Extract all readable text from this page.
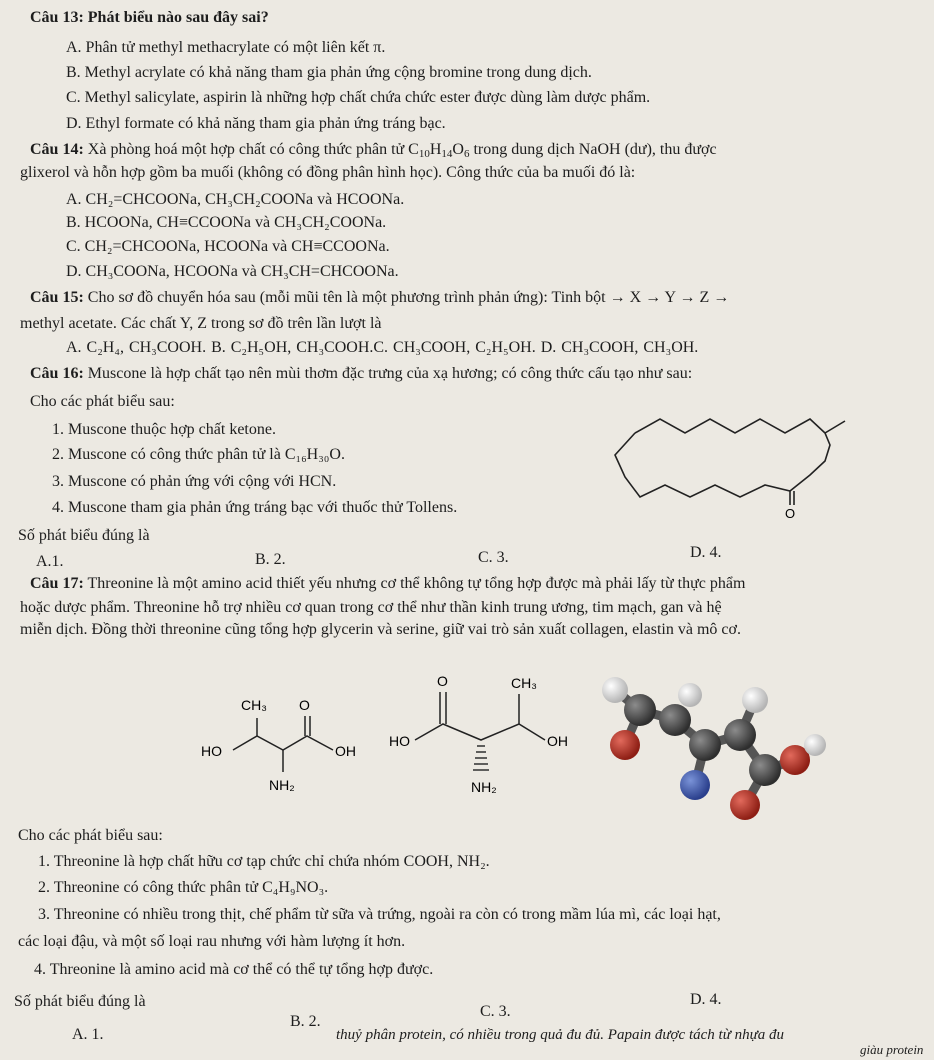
Câu 13: Phát biểu nào sau đây sai?
A. Phân tử methyl methacrylate có một liên kết π.
B. Methyl acrylate có khả năng tham gia phản ứng cộng bromine trong dung dịch.
C. Methyl salicylate, aspirin là những hợp chất chứa chức ester được dùng làm dược phẩm.
D. Ethyl formate có khả năng tham gia phản ứng tráng bạc.
Câu 14: Xà phòng hoá một hợp chất có công thức phân tử $C_{10}H_{14}O_6$ trong dung dịch NaOH (dư), thu được
glixerol và hỗn hợp gồm ba muối (không có đồng phân hình học). Công thức của ba muối đó là:
A. CH₂=CHCOONa, CH₃CH₂COONa và HCOONa.
B. HCOONa, CH≡CCOONa và CH₃CH₂COONa.
C. CH₂=CHCOONa, HCOONa và CH≡CCOONa.
D. CH₃COONa, HCOONa và CH₃CH=CHCOONa.
Câu 15: Cho sơ đồ chuyển hóa sau (mỗi mũi tên là một phương trình phản ứng): Tinh bột → X → Y → Z →
methyl acetate. Các chất Y, Z trong sơ đồ trên lần lượt là
A. C₂H₄, CH₃COOH. B. C₂H₅OH, CH₃COOH.C. CH₃COOH, C₂H₅OH. D. CH₃COOH, CH₃OH.
Câu 16: Muscone là hợp chất tạo nên mùi thơm đặc trưng của xạ hương; có công thức cấu tạo như sau:
Cho các phát biểu sau:
1. Muscone thuộc hợp chất ketone.
2. Muscone có công thức phân tử là C₁₆H₃₀O.
3. Muscone có phản ứng với cộng với HCN.
4. Muscone tham gia phản ứng tráng bạc với thuốc thử Tollens.	O
Số phát biểu đúng là
A.1.	B. 2.	C. 3.	D. 4.
Câu 17: Threonine là một amino acid thiết yếu nhưng cơ thể không tự tổng hợp được mà phải lấy từ thực phẩm
hoặc dược phẩm. Threonine hỗ trợ nhiều cơ quan trong cơ thể như thần kinh trung ương, tim mạch, gan và hệ
miễn dịch. Đồng thời threonine cũng tổng hợp glycerin và serine, giữ vai trò sản xuất collagen, elastin và mô cơ.
CH₃ O
HO	OH
NH₂
O	CH₃
HO	OH
NH₂
Cho các phát biểu sau:
1. Threonine là hợp chất hữu cơ tạp chức chỉ chứa nhóm COOH, NH₂.
2. Threonine có công thức phân tử C₄H₉NO₃.
3. Threonine có nhiều trong thịt, chế phẩm từ sữa và trứng, ngoài ra còn có trong mầm lúa mì, các loại hạt,
các loại đậu, và một số loại rau nhưng với hàm lượng ít hơn.
4. Threonine là amino acid mà cơ thể có thể tự tổng hợp được.
Số phát biểu đúng là	D. 4.
C. 3.
B. 2.
A. 1.	thuỷ phân protein, có nhiều trong quả đu đủ. Papain được tách từ nhựa đu
giàu protein
